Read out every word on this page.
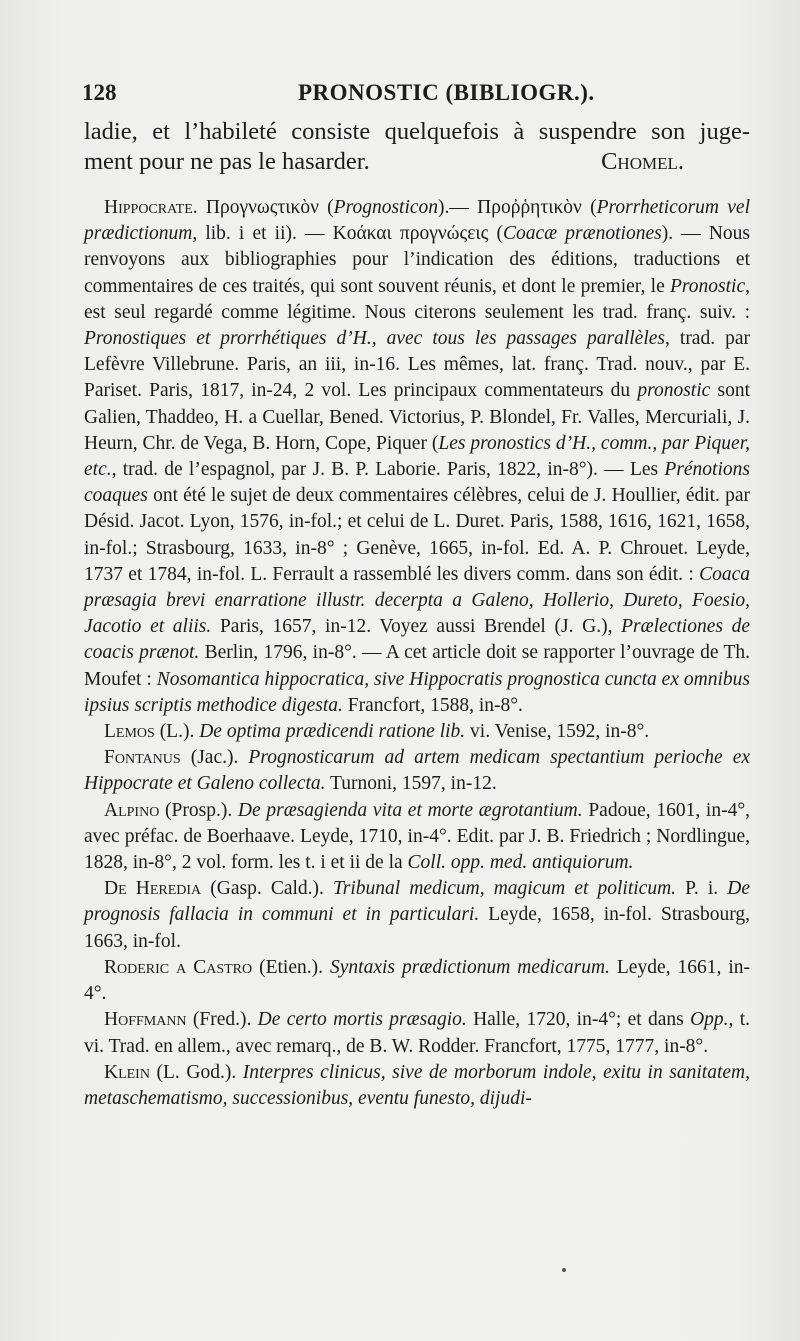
128	PRONOSTIC (BIBLIOGR.).
ladie, et l’habileté consiste quelquefois à suspendre son juge-
ment pour ne pas le hasarder.	Chomel.

Hippocrate. Προγνωςτικὸν (Prognosticon).— Προῤῥητικὸν (Prorrheticorum vel prædictionum, lib. i et ii). — Κοάκαι προγνώςεις (Coacæ prænotiones). — Nous renvoyons aux bibliographies pour l’indication des éditions, traductions et commentaires de ces traités, qui sont souvent réunis, et dont le premier, le Pronostic, est seul regardé comme légitime. Nous citerons seulement les trad. franç. suiv. : Pronostiques et prorrhétiques d’H., avec tous les passages parallèles, trad. par Lefèvre Villebrune. Paris, an iii, in-16. Les mêmes, lat. franç. Trad. nouv., par E. Pariset. Paris, 1817, in-24, 2 vol. Les principaux commentateurs du pronostic sont Galien, Thaddeo, H. a Cuellar, Bened. Victorius, P. Blondel, Fr. Valles, Mercuriali, J. Heurn, Chr. de Vega, B. Horn, Cope, Piquer (Les pronostics d’H., comm., par Piquer, etc., trad. de l’espagnol, par J. B. P. Laborie. Paris, 1822, in-8°). — Les Prénotions coaques ont été le sujet de deux commentaires célèbres, celui de J. Houllier, édit. par Désid. Jacot. Lyon, 1576, in-fol.; et celui de L. Duret. Paris, 1588, 1616, 1621, 1658, in-fol.; Strasbourg, 1633, in-8° ; Genève, 1665, in-fol. Ed. A. P. Chrouet. Leyde, 1737 et 1784, in-fol. L. Ferrault a rassemblé les divers comm. dans son édit. : Coaca præsagia brevi enarratione illustr. decerpta a Galeno, Hollerio, Dureto, Foesio, Jacotio et aliis. Paris, 1657, in-12. Voyez aussi Brendel (J. G.), Prælectiones de coacis prænot. Berlin, 1796, in-8°. — A cet article doit se rapporter l’ouvrage de Th. Moufet : Nosomantica hippocratica, sive Hippocratis prognostica cuncta ex omnibus ipsius scriptis methodice digesta. Francfort, 1588, in-8°.

Lemos (L.). De optima prædicendi ratione lib. vi. Venise, 1592, in-8°.

Fontanus (Jac.). Prognosticarum ad artem medicam spectantium perioche ex Hippocrate et Galeno collecta. Turnoni, 1597, in-12.

Alpino (Prosp.). De præsagienda vita et morte ægrotantium. Padoue, 1601, in-4°, avec préfac. de Boerhaave. Leyde, 1710, in-4°. Edit. par J. B. Friedrich ; Nordlingue, 1828, in-8°, 2 vol. form. les t. i et ii de la Coll. opp. med. antiquiorum.

De Heredia (Gasp. Cald.). Tribunal medicum, magicum et politicum. P. i. De prognosis fallacia in communi et in particulari. Leyde, 1658, in-fol. Strasbourg, 1663, in-fol.

Roderic a Castro (Etien.). Syntaxis prædictionum medicarum. Leyde, 1661, in-4°.

Hoffmann (Fred.). De certo mortis præsagio. Halle, 1720, in-4°; et dans Opp., t. vi. Trad. en allem., avec remarq., de B. W. Rodder. Francfort, 1775, 1777, in-8°.

Klein (L. God.). Interpres clinicus, sive de morborum indole, exitu in sanitatem, metaschematismo, successionibus, eventu funesto, dijudi-
